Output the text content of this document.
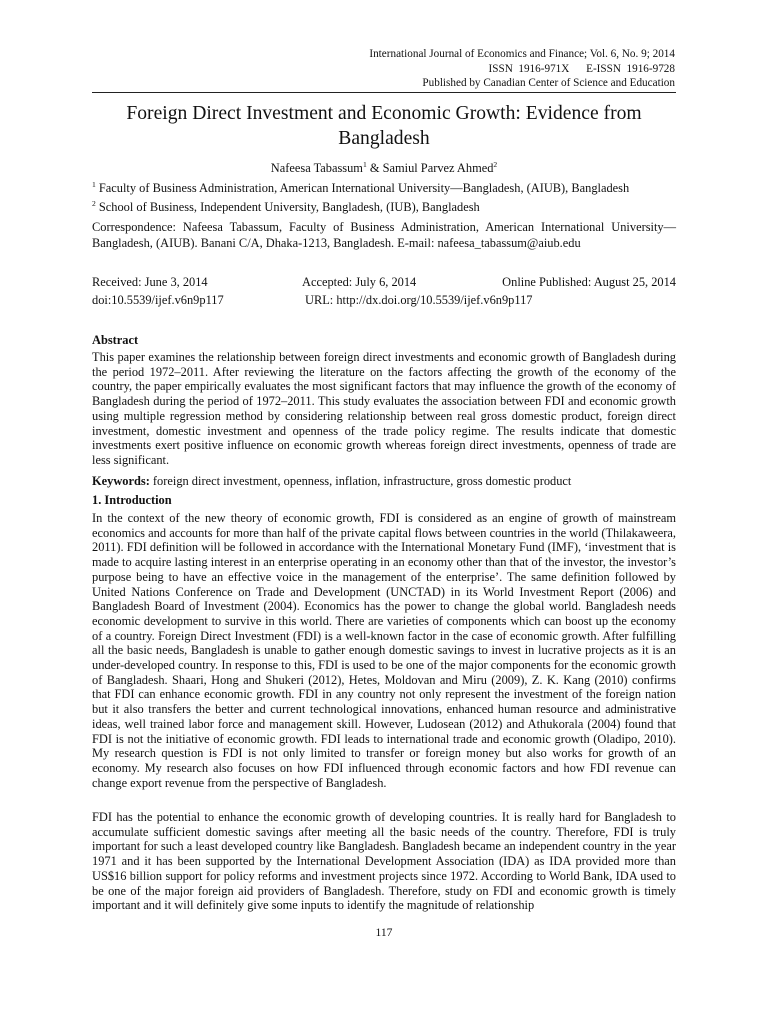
International Journal of Economics and Finance; Vol. 6, No. 9; 2014
ISSN  1916-971X      E-ISSN  1916-9728
Published by Canadian Center of Science and Education
Foreign Direct Investment and Economic Growth: Evidence from Bangladesh
Nafeesa Tabassum$^1$ & Samiul Parvez Ahmed$^2$
$^1$ Faculty of Business Administration, American International University—Bangladesh, (AIUB), Bangladesh
$^2$ School of Business, Independent University, Bangladesh, (IUB), Bangladesh
Correspondence: Nafeesa Tabassum, Faculty of Business Administration, American International University—Bangladesh, (AIUB). Banani C/A, Dhaka-1213, Bangladesh. E-mail: nafeesa_tabassum@aiub.edu
Received: June 3, 2014	Accepted: July 6, 2014	Online Published: August 25, 2014
doi:10.5539/ijef.v6n9p117	URL: http://dx.doi.org/10.5539/ijef.v6n9p117
Abstract

This paper examines the relationship between foreign direct investments and economic growth of Bangladesh during the period 1972–2011. After reviewing the literature on the factors affecting the growth of the economy of the country, the paper empirically evaluates the most significant factors that may influence the growth of the economy of Bangladesh during the period of 1972–2011. This study evaluates the association between FDI and economic growth using multiple regression method by considering relationship between real gross domestic product, foreign direct investment, domestic investment and openness of the trade policy regime. The results indicate that domestic investments exert positive influence on economic growth whereas foreign direct investments, openness of trade are less significant.

Keywords: foreign direct investment, openness, inflation, infrastructure, gross domestic product
1. Introduction

In the context of the new theory of economic growth, FDI is considered as an engine of growth of mainstream economics and accounts for more than half of the private capital flows between countries in the world (Thilakaweera, 2011). FDI definition will be followed in accordance with the International Monetary Fund (IMF), ‘investment that is made to acquire lasting interest in an enterprise operating in an economy other than that of the investor, the investor’s purpose being to have an effective voice in the management of the enterprise’. The same definition followed by United Nations Conference on Trade and Development (UNCTAD) in its World Investment Report (2006) and Bangladesh Board of Investment (2004). Economics has the power to change the global world. Bangladesh needs economic development to survive in this world. There are varieties of components which can boost up the economy of a country. Foreign Direct Investment (FDI) is a well-known factor in the case of economic growth. After fulfilling all the basic needs, Bangladesh is unable to gather enough domestic savings to invest in lucrative projects as it is an under-developed country. In response to this, FDI is used to be one of the major components for the economic growth of Bangladesh. Shaari, Hong and Shukeri (2012), Hetes, Moldovan and Miru (2009), Z. K. Kang (2010) confirms that FDI can enhance economic growth. FDI in any country not only represent the investment of the foreign nation but it also transfers the better and current technological innovations, enhanced human resource and administrative ideas, well trained labor force and management skill. However, Ludosean (2012) and Athukorala (2004) found that FDI is not the initiative of economic growth. FDI leads to international trade and economic growth (Oladipo, 2010). My research question is FDI is not only limited to transfer or foreign money but also works for growth of an economy. My research also focuses on how FDI influenced through economic factors and how FDI revenue can change export revenue from the perspective of Bangladesh.

FDI has the potential to enhance the economic growth of developing countries. It is really hard for Bangladesh to accumulate sufficient domestic savings after meeting all the basic needs of the country. Therefore, FDI is truly important for such a least developed country like Bangladesh. Bangladesh became an independent country in the year 1971 and it has been supported by the International Development Association (IDA) as IDA provided more than US$16 billion support for policy reforms and investment projects since 1972. According to World Bank, IDA used to be one of the major foreign aid providers of Bangladesh. Therefore, study on FDI and economic growth is timely important and it will definitely give some inputs to identify the magnitude of relationship

117
